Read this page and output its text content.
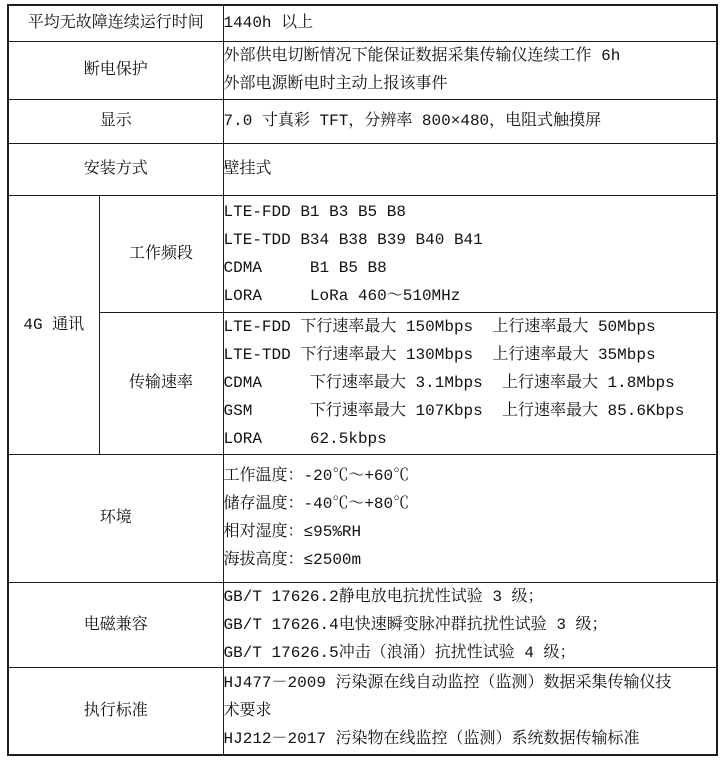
平均无故障连续运行时间		1440h 以上

断电保护		外部供电切断情况下能保证数据采集传输仪连续工作 6h
外部电源断电时主动上报该事件

显示		7.0 寸真彩 TFT，分辨率 800×480，电阻式触摸屏

安装方式		壁挂式

4G 通讯	工作频段	LTE-FDD B1 B3 B5 B8
LTE-TDD B34 B38 B39 B40 B41
CDMA     B1 B5 B8
LORA     LoRa 460～510MHz

	传输速率	LTE-FDD 下行速率最大 150Mbps  上行速率最大 50Mbps
LTE-TDD 下行速率最大 130Mbps  上行速率最大 35Mbps
CDMA     下行速率最大 3.1Mbps  上行速率最大 1.8Mbps
GSM      下行速率最大 107Kbps  上行速率最大 85.6Kbps
LORA     62.5kbps

环境		工作温度：-20℃～+60℃
储存温度：-40℃～+80℃
相对湿度：≤95%RH
海拔高度：≤2500m

电磁兼容		GB/T 17626.2静电放电抗扰性试验 3 级；
GB/T 17626.4电快速瞬变脉冲群抗扰性试验 3 级；
GB/T 17626.5冲击（浪涌）抗扰性试验 4 级；

执行标准		HJ477－2009 污染源在线自动监控（监测）数据采集传输仪技
术要求
HJ212－2017 污染物在线监控（监测）系统数据传输标准
